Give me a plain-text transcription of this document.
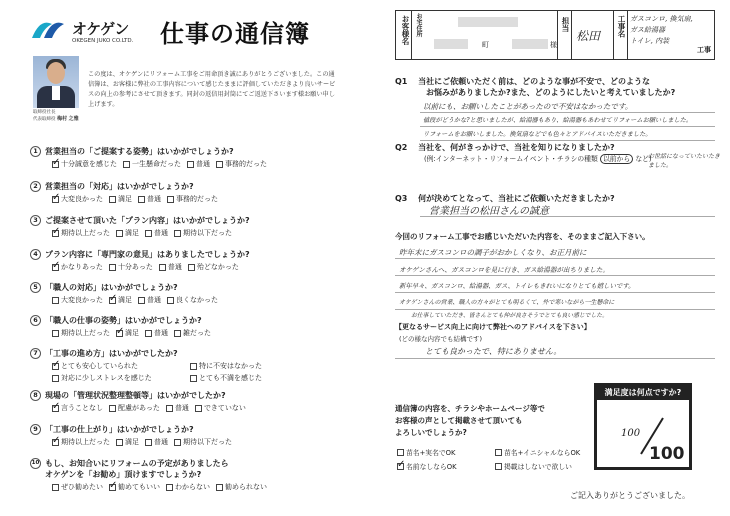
オケゲン
OKEGEN JUKO CO.LTD. 仕事の通信簿
取締役社長
代表取締役 梅村 之雅
この度は、オケゲンにリフォーム工事をご用命頂き誠にありがとうございました。この通信簿は、お客様に弊社の工事内容について感じたままに評価していただきより良いサービスの向上の参考にさせて頂きます。同封の返信用封筒にてご返送下さいます様お願い申し上げます。
1 営業担当の「ご提案する姿勢」はいかがでしょうか?
✓
十分誠意を感じた 一生懸命だった 普通 事務的だった
2 営業担当の「対応」はいかがでしょうか?
✓
大変良かった 満足 普通 事務的だった
3 ご提案させて頂いた「プラン内容」はいかがでしょうか?
✓
期待以上だった 満足 普通 期待以下だった
4 プラン内容に「専門家の意見」はありましたでしょうか?
✓
かなりあった 十分あった 普通 殆どなかった
5 「職人の対応」はいかがでしょうか?
大変良かった ✓ 満足 普通 良くなかった
6 「職人の仕事の姿勢」はいかがでしょうか?
期待以上だった ✓ 満足 普通 雑だった
7 「工事の進め方」はいかがでしたか?
✓
とても安心していられた	特に不安はなかった
対応に少しストレスを感じた	とても不満を感じた
8 現場の「管理状況整理整頓等」はいかがでしたか?
✓
言うことなし 配慮があった 普通 できていない
9 「工事の仕上がり」はいかがでしょうか?
✓
期待以上だった 満足 普通 期待以下だった
10 もし、お知合いにリフォームの予定がありましたら
オケゲンを「お勧め」頂けますでしょうか?
ぜひ勧めたい ✓ 勧めてもいい わからない 勧められない
お客様名 お宅住所
町	様
担当
松田	工事名 ガスコンロ, 換気扇,
ガス給湯器
トイレ, 内装
工事
Q1 当社にご依頼いただく前は、どのような事が不安で、どのような
お悩みがありましたか?また、どのようにしたいと考えていましたか?
以前にも、お願いしたことがあったので不安はなかったです。
値段がどうかな?と思いましたが、給湯器もあり、給湯器もあわせてリフォームお願いしました。
リフォームをお願いしました。換気扇などでも色々とアドバイスいただきました。
Q2 当社を、何がきっかけで、当社を知りになりましたか?
(例:インターネット・リフォームイベント・チラシの種類 以前から など)
お世話になっていたいたきました。
Q3 何が決めてとなって、当社にご依頼いただきましたか?
営業担当の松田さんの誠意
今回のリフォーム工事でお感じいただいた内容を、そのままご記入下さい。
昨年末にガスコンロの調子がおかしくなり、お正月前に
オケゲンさんへ、ガスコンロを見に行き、ガス給湯器が出ちりました。
新年早々、ガスコンロ、給湯器、ガス、トイレもきれいになりとても嬉しいです。
オケゲンさんの営業、職人の方々がとても明るくて、外で寒いながら一生懸命に
お仕事していただき、皆さんとても仲が良さそうでとても良い感じでした。
【更なるサービス向上に向けて弊社へのアドバイスを下さい】
(どの様な内容でも結構です)
とても良かったで、特にありません。
通信簿の内容を、チラシやホームページ等で
お客様の声として掲載させて頂いても
よろしいでしょうか?
苗名+実名でOK	苗名+イニシャルならOK
✓
名前なしならOK	掲載はしないで欲しい
満足度は何点ですか?
100
100
ご記入ありがとうございました。
